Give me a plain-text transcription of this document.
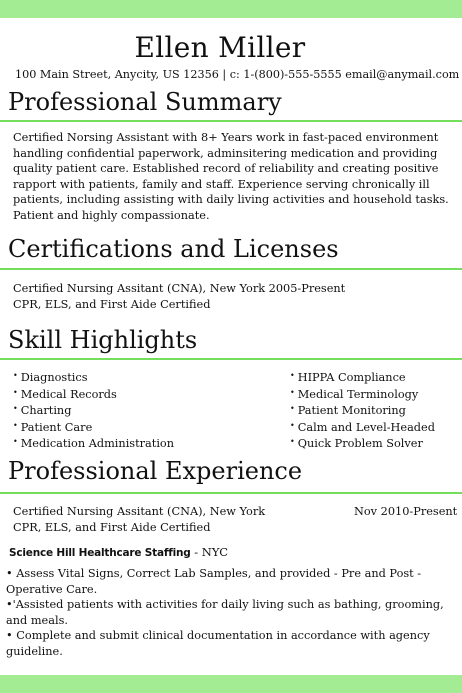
Ellen Miller
100 Main Street, Anycity, US 12356 | c: 1-(800)-555-5555 email@anymail.com
Professional Summary
Certified Norsing Assistant with 8+ Years work in fast-paced environment
handling confidential paperwork, adminsitering medication and providing
quality patient care. Established record of reliability and creating positive
rapport with patients, family and staff. Experience serving chronically ill
patients, including assisting with daily living activities and household tasks.
Patient and highly compassionate.
Certifications and Licenses
Certified Nursing Assitant (CNA), New York 2005-Present
CPR, ELS, and First Aide Certified
Skill Highlights
• Diagnostics
• Medical Records
• Charting
• Patient Care
• Medication Administration
• HIPPA Compliance
• Medical Terminology
• Patient Monitoring
• Calm and Level-Headed
• Quick Problem Solver
Professional Experience
Certified Nursing Assitant (CNA), New York
CPR, ELS, and First Aide Certified
Nov 2010-Present
Science Hill Healthcare Staffing - NYC
• Assess Vital Signs, Correct Lab Samples, and provided - Pre and Post -
Operative Care.
•'Assisted patients with activities for daily living such as bathing, grooming,
and meals.
• Complete and submit clinical documentation in accordance with agency
guideline.
